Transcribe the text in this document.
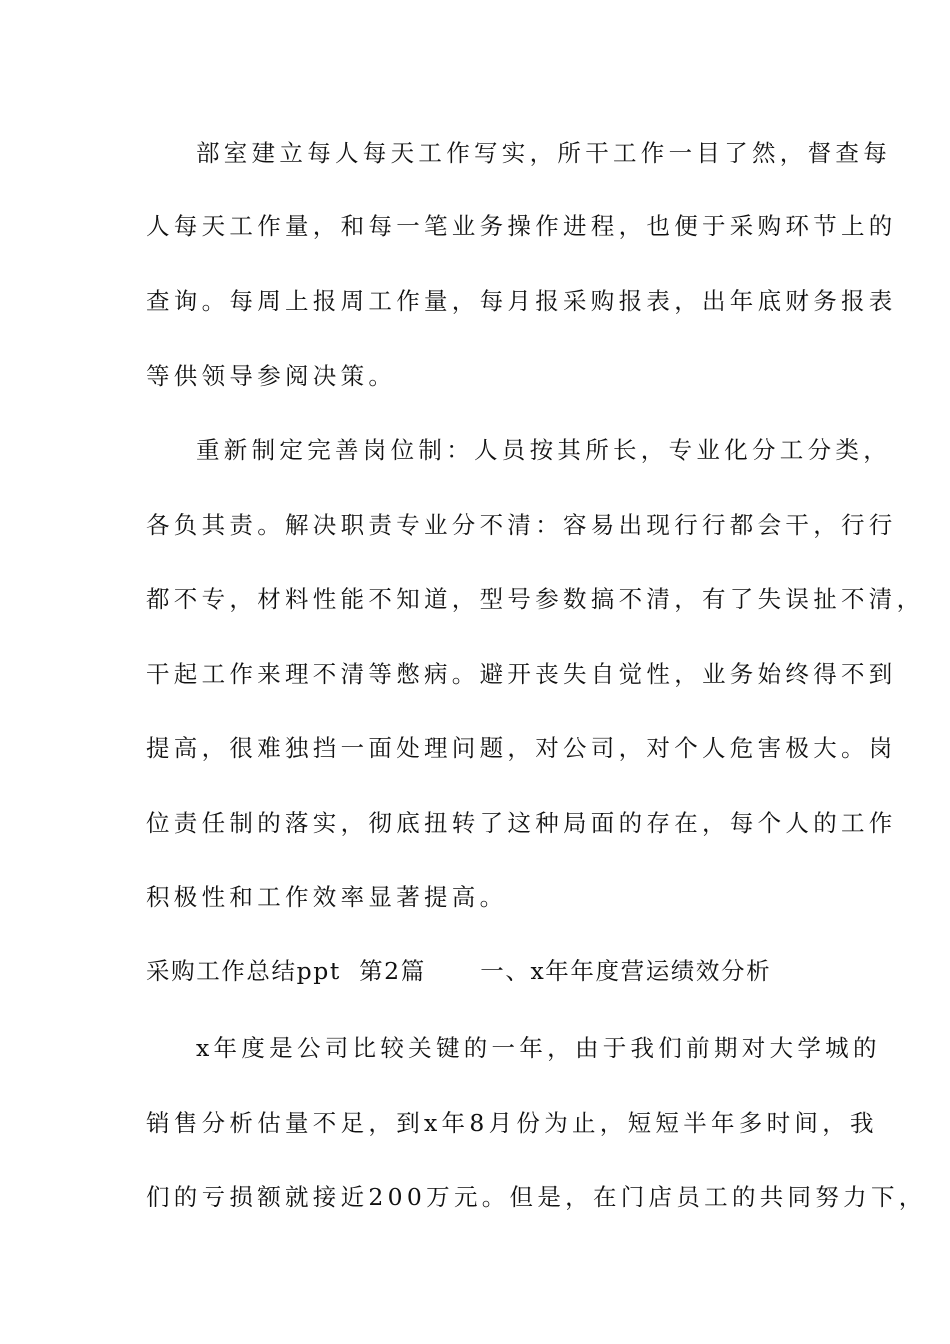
部室建立每人每天工作写实，所干工作一目了然，督查每
人每天工作量，和每一笔业务操作进程，也便于采购环节上的
查询。每周上报周工作量，每月报采购报表，出年底财务报表
等供领导参阅决策。
重新制定完善岗位制：人员按其所长，专业化分工分类，
各负其责。解决职责专业分不清：容易出现行行都会干，行行
都不专，材料性能不知道，型号参数搞不清，有了失误扯不清，
干起工作来理不清等憋病。避开丧失自觉性，业务始终得不到
提高，很难独挡一面处理问题，对公司，对个人危害极大。岗
位责任制的落实，彻底扭转了这种局面的存在，每个人的工作
积极性和工作效率显著提高。
采购工作总结ppt  第2篇      一、x年年度营运绩效分析
x年度是公司比较关键的一年，由于我们前期对大学城的
销售分析估量不足，到x年8月份为止，短短半年多时间，我
们的亏损额就接近200万元。但是，在门店员工的共同努力下，
